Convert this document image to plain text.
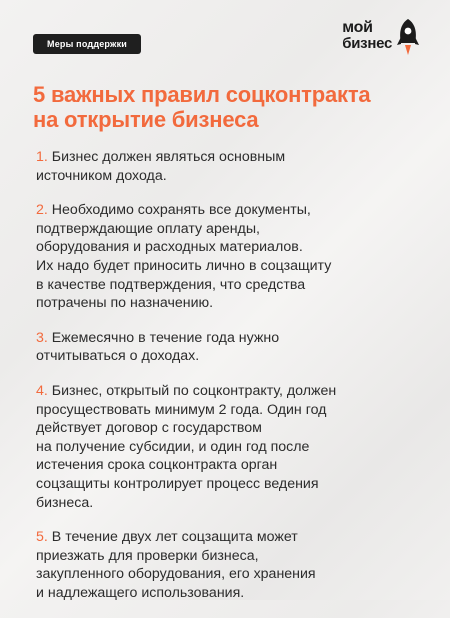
Меры поддержки
мой
бизнес
5 важных правил соцконтракта
на открытие бизнеса

1. Бизнес должен являться основным
источником дохода.

2. Необходимо сохранять все документы,
подтверждающие оплату аренды,
оборудования и расходных материалов.
Их надо будет приносить лично в соцзащиту
в качестве подтверждения, что средства
потрачены по назначению.

3. Ежемесячно в течение года нужно
отчитываться о доходах.

4. Бизнес, открытый по соцконтракту, должен
просуществовать минимум 2 года. Один год
действует договор с государством
на получение субсидии, и один год после
истечения срока соцконтракта орган
соцзащиты контролирует процесс ведения
бизнеса.

5. В течение двух лет соцзащита может
приезжать для проверки бизнеса,
закупленного оборудования, его хранения
и надлежащего использования.
